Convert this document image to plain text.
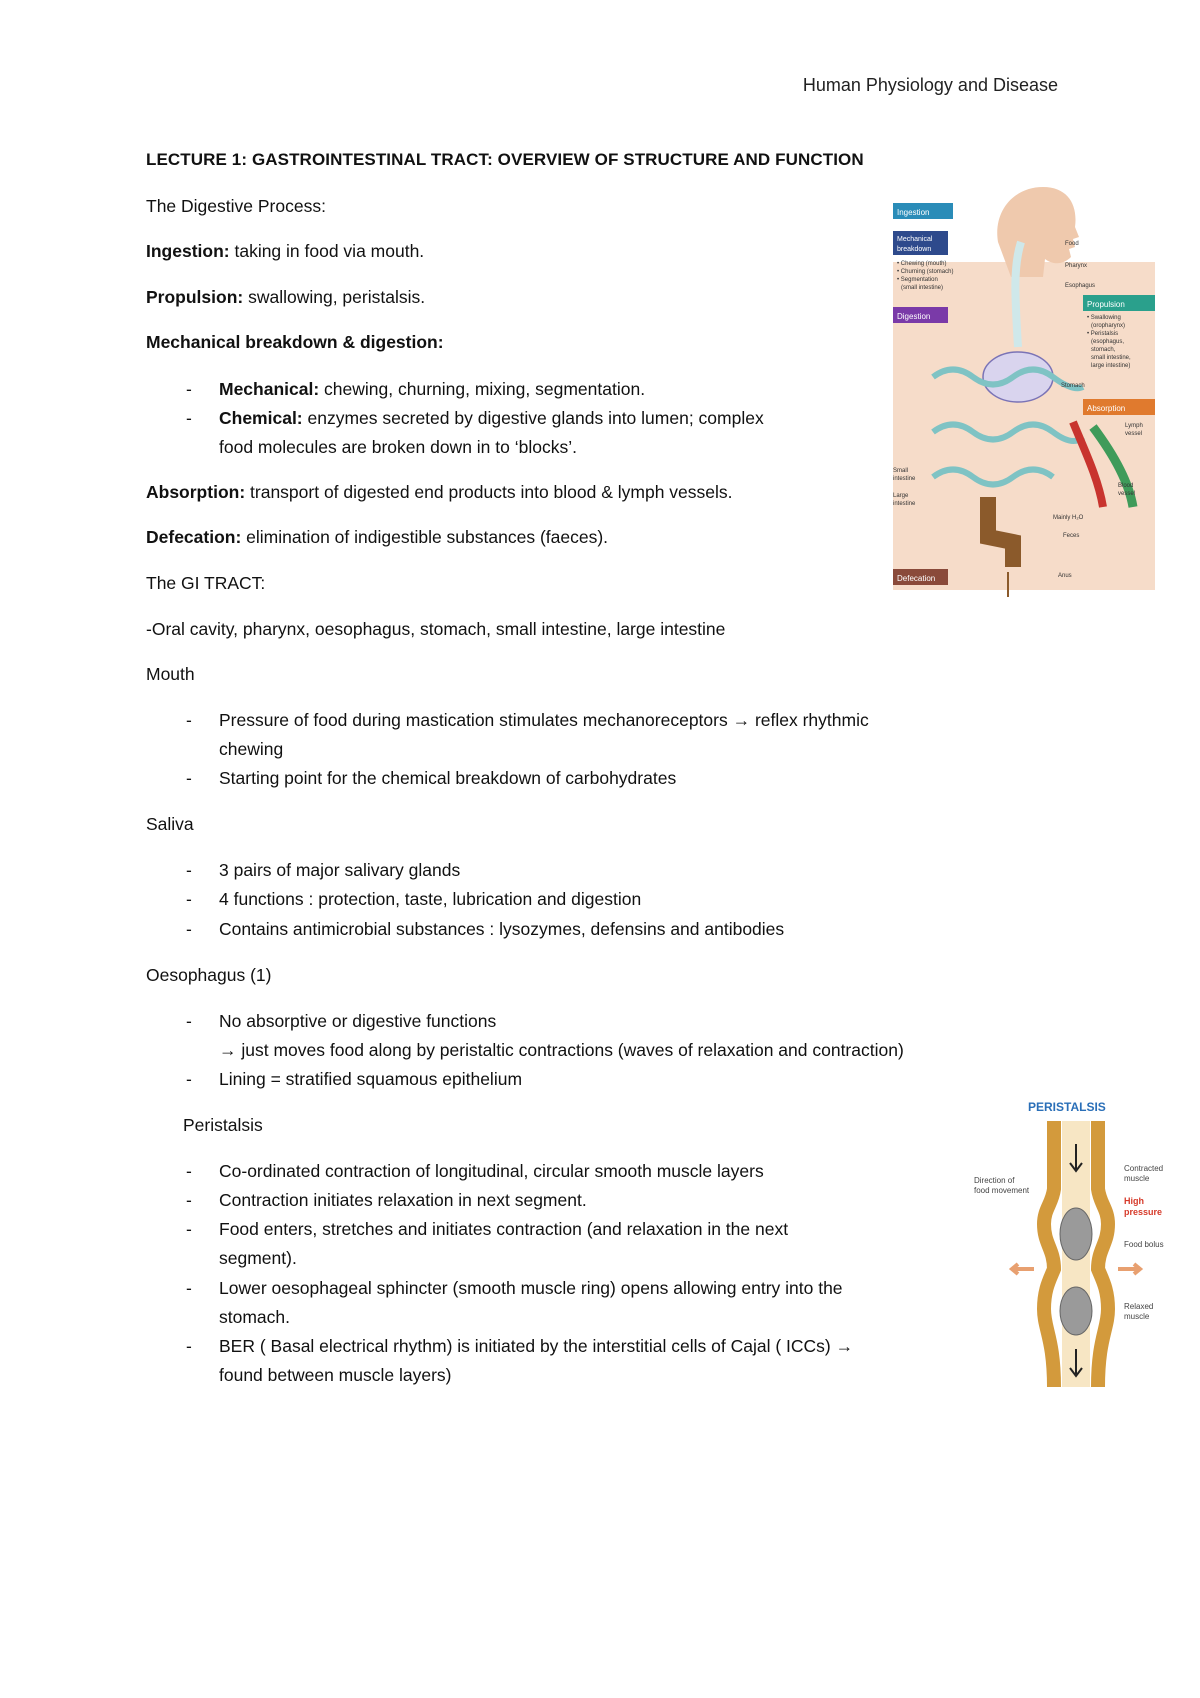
Human Physiology and Disease
LECTURE 1: GASTROINTESTINAL TRACT: OVERVIEW OF STRUCTURE AND FUNCTION
The Digestive Process:
Ingestion: taking in food via mouth.
Propulsion: swallowing, peristalsis.
Mechanical breakdown & digestion:
- Mechanical: chewing, churning, mixing, segmentation.
- Chemical: enzymes secreted by digestive glands into lumen; complex
food molecules are broken down in to ‘blocks’.
Absorption: transport of digested end products into blood & lymph vessels.
Defecation: elimination of indigestible substances (faeces).
The GI TRACT:
-Oral cavity, pharynx, oesophagus, stomach, small intestine, large intestine
Mouth
- Pressure of food during mastication stimulates mechanoreceptors → reflex rhythmic
chewing
- Starting point for the chemical breakdown of carbohydrates
Saliva
- 3 pairs of major salivary glands
- 4 functions : protection, taste, lubrication and digestion
- Contains antimicrobial substances : lysozymes, defensins and antibodies
Oesophagus (1)
- No absorptive or digestive functions
→ just moves food along by peristaltic contractions (waves of relaxation and contraction)
- Lining = stratified squamous epithelium
Peristalsis
- Co-ordinated contraction of longitudinal, circular smooth muscle layers
- Contraction initiates relaxation in next segment.
- Food enters, stretches and initiates contraction (and relaxation in the next
segment).
- Lower oesophageal sphincter (smooth muscle ring) opens allowing entry into the
stomach.
- BER ( Basal electrical rhythm) is initiated by the interstitial cells of Cajal ( ICCs) →
found between muscle layers)
Ingestion
Mechanical
breakdown
• Chewing (mouth)
• Churning (stomach)
• Segmentation
(small intestine)
Digestion
Small
intestine
Large
intestine
Defecation
Food
Pharynx
Esophagus
Propulsion
• Swallowing
(oropharynx)
• Peristalsis
(esophagus,
stomach,
small intestine,
large intestine)
Stomach
Absorption
Lymph
vessel
Blood
vessel
Mainly H₂O
Feces
Anus
PERISTALSIS
Direction of
food movement
Contracted
muscle
High
pressure
Food bolus
Relaxed
muscle
